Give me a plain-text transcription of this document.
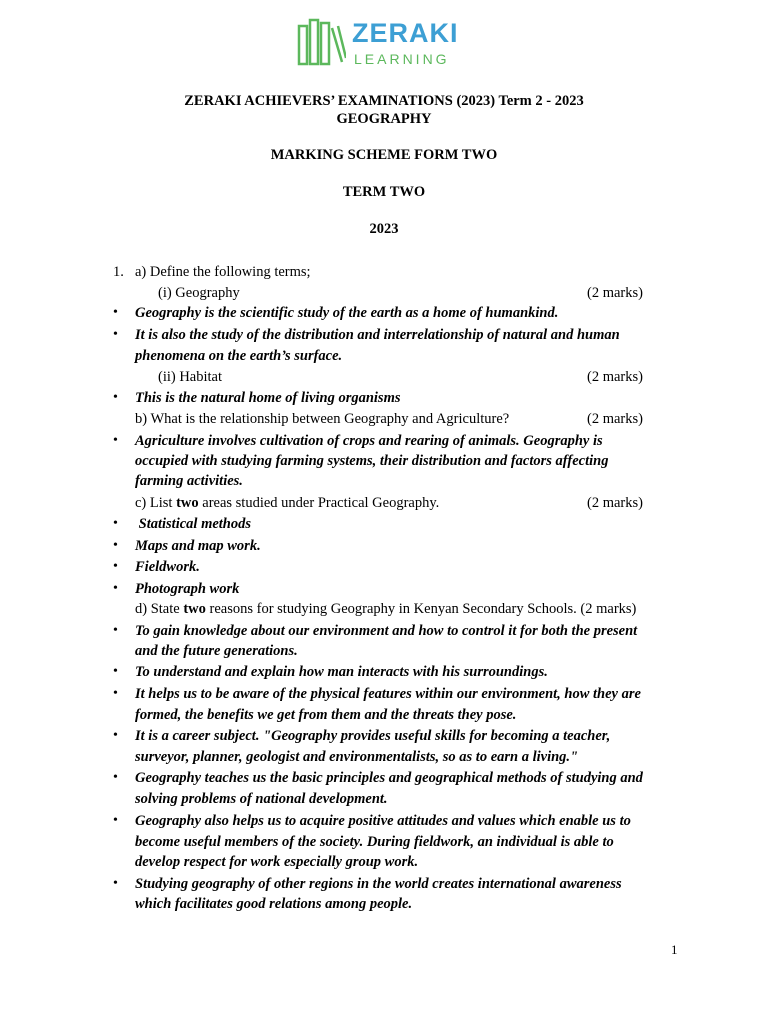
ZERAKI
LEARNING
ZERAKI ACHIEVERS’ EXAMINATIONS (2023) Term 2 - 2023
GEOGRAPHY
MARKING SCHEME FORM TWO
TERM TWO
2023
1. a) Define the following terms;
(i) Geography	(2 marks)
• Geography is the scientific study of the earth as a home of humankind.
• It is also the study of the distribution and interrelationship of natural and human
phenomena on the earth’s surface.
(ii) Habitat	(2 marks)
• This is the natural home of living organisms
b) What is the relationship between Geography and Agriculture?	(2 marks)
• Agriculture involves cultivation of crops and rearing of animals. Geography is
occupied with studying farming systems, their distribution and factors affecting
farming activities.
c) List two areas studied under Practical Geography.	(2 marks)
• Statistical methods
• Maps and map work.
• Fieldwork.
• Photograph work
d) State two reasons for studying Geography in Kenyan Secondary Schools. (2 marks)
• To gain knowledge about our environment and how to control it for both the present
and the future generations.
• To understand and explain how man interacts with his surroundings.
• It helps us to be aware of the physical features within our environment, how they are
formed, the benefits we get from them and the threats they pose.
• It is a career subject. "Geography provides useful skills for becoming a teacher,
surveyor, planner, geologist and environmentalists, so as to earn a living."
• Geography teaches us the basic principles and geographical methods of studying and
solving problems of national development.
• Geography also helps us to acquire positive attitudes and values which enable us to
become useful members of the society. During fieldwork, an individual is able to
develop respect for work especially group work.
• Studying geography of other regions in the world creates international awareness
which facilitates good relations among people.
1
